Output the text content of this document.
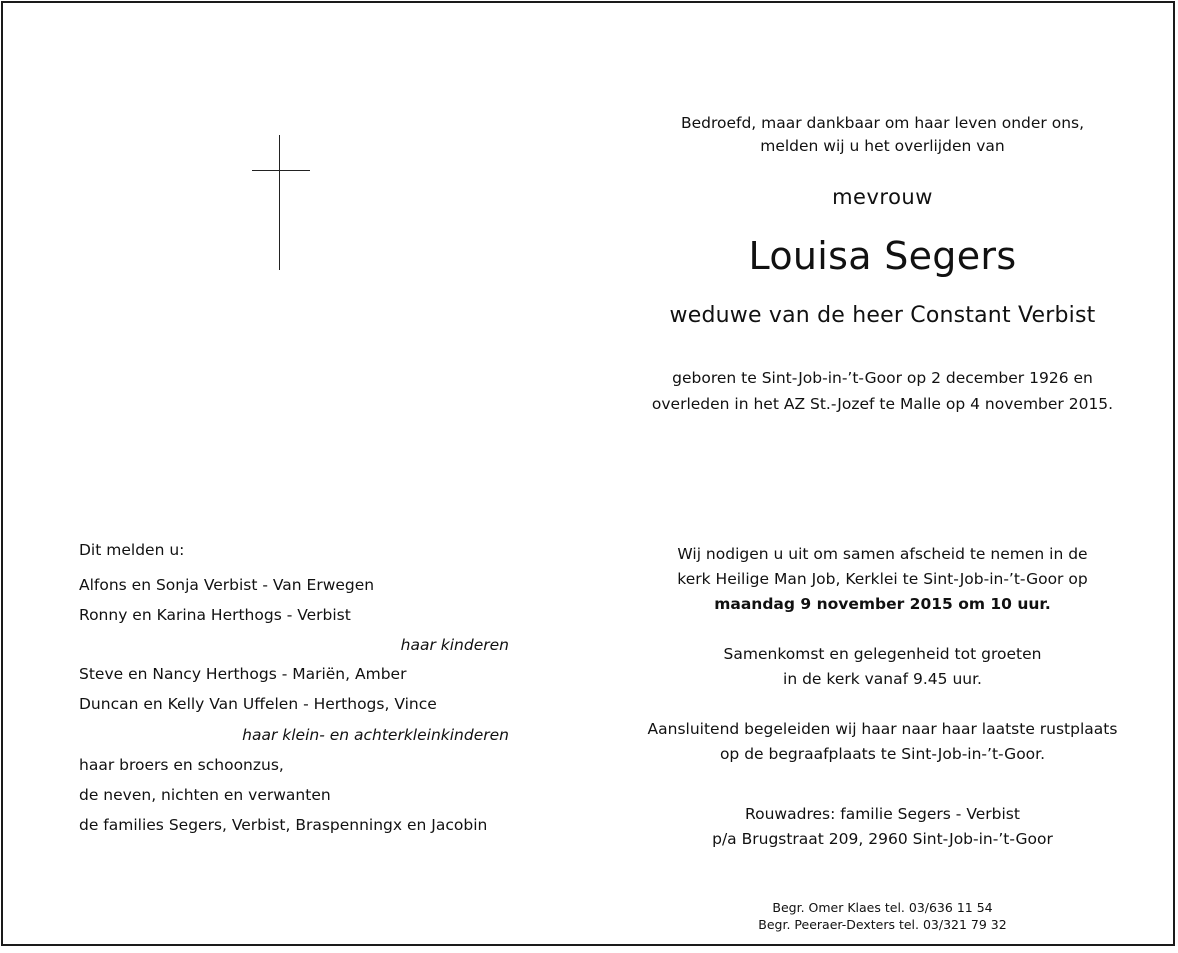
Bedroefd, maar dankbaar om haar leven onder ons,
melden wij u het overlijden van
mevrouw
Louisa Segers
weduwe van de heer Constant Verbist
geboren te Sint-Job-in-’t-Goor op 2 december 1926 en
overleden in het AZ St.-Jozef te Malle op 4 november 2015.
Wij nodigen u uit om samen afscheid te nemen in de
kerk Heilige Man Job, Kerklei te Sint-Job-in-’t-Goor op
maandag 9 november 2015 om 10 uur.
Samenkomst en gelegenheid tot groeten
in de kerk vanaf 9.45 uur.
Aansluitend begeleiden wij haar naar haar laatste rustplaats
op de begraafplaats te Sint-Job-in-’t-Goor.
Rouwadres: familie Segers - Verbist
p/a Brugstraat 209, 2960 Sint-Job-in-’t-Goor
Begr. Omer Klaes tel. 03/636 11 54
Begr. Peeraer-Dexters tel. 03/321 79 32
Dit melden u:
Alfons en Sonja Verbist - Van Erwegen
Ronny en Karina Herthogs - Verbist
haar kinderen
Steve en Nancy Herthogs - Mariën, Amber
Duncan en Kelly Van Uffelen - Herthogs, Vince
haar klein- en achterkleinkinderen
haar broers en schoonzus,
de neven, nichten en verwanten
de families Segers, Verbist, Braspenningx en Jacobin
